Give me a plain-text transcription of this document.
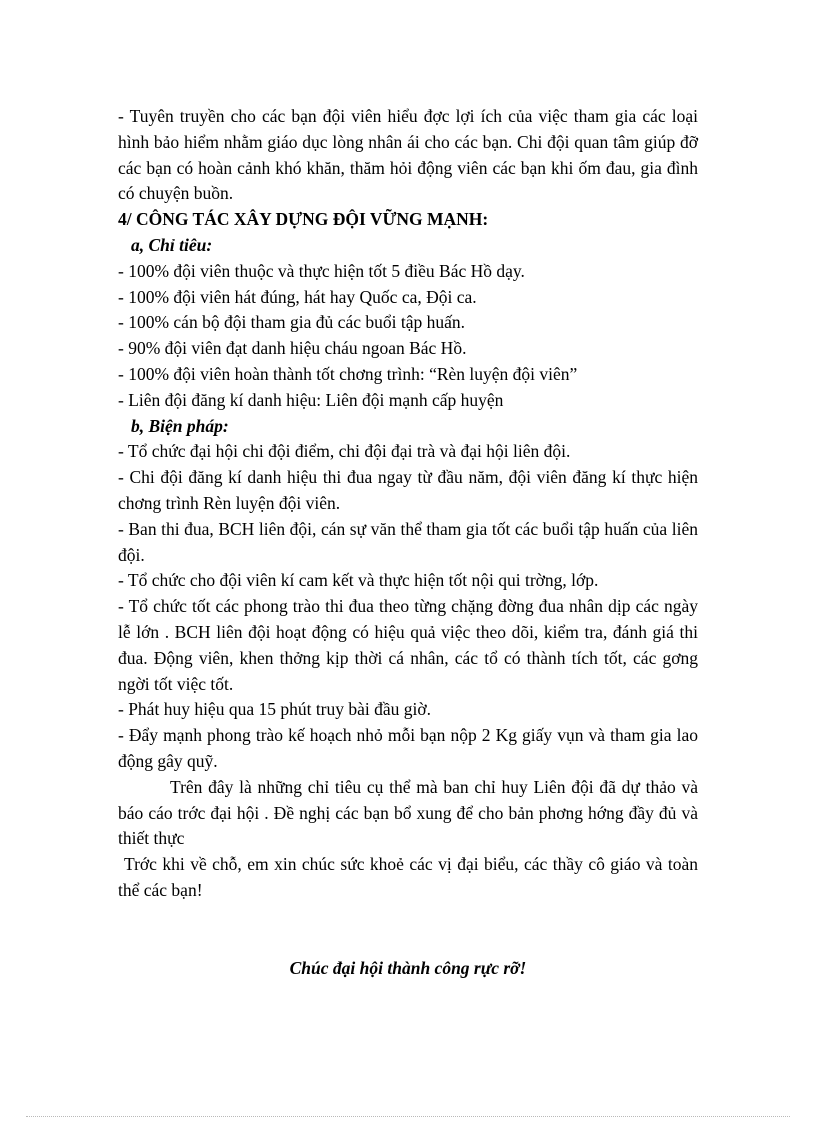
- Tuyên truyền cho các bạn đội viên hiểu đợc lợi ích của việc tham gia các loại hình bảo hiểm nhằm giáo dục lòng nhân ái cho các bạn. Chi đội quan tâm giúp đỡ các bạn có hoàn cảnh khó khăn, thăm hỏi động viên các bạn khi ốm đau, gia đình có chuyện buồn.

4/ CÔNG TÁC XÂY DỰNG ĐỘI VỮNG MẠNH:

a, Chỉ tiêu:

- 100% đội viên thuộc và thực hiện tốt 5 điều Bác Hồ dạy.

- 100% đội viên hát đúng, hát hay Quốc ca, Đội ca.

- 100% cán bộ đội tham gia đủ các buổi tập huấn.

- 90% đội viên đạt danh hiệu cháu ngoan Bác Hồ.

- 100% đội viên hoàn thành tốt chơng trình: “Rèn luyện đội viên”

- Liên đội đăng kí danh hiệu: Liên đội mạnh cấp huyện

b, Biện pháp:

- Tổ chức đại hội chi đội điểm, chi đội đại trà và đại hội liên đội.

- Chi đội đăng kí danh hiệu thi đua ngay từ đầu năm, đội viên đăng kí thực hiện chơng trình Rèn luyện đội viên.

- Ban thi đua, BCH liên đội, cán sự văn thể tham gia tốt các buổi tập huấn của liên đội.

- Tổ chức cho đội viên kí cam kết và thực hiện tốt nội qui trờng, lớp.

- Tổ chức tốt các phong trào thi đua theo từng chặng đờng đua nhân dịp các ngày lễ lớn . BCH liên đội hoạt động có hiệu quả việc theo dõi, kiểm tra, đánh giá thi đua. Động viên, khen thởng kịp thời cá nhân, các tổ có thành tích tốt, các gơng ngời tốt việc tốt.

- Phát huy hiệu qua 15 phút truy bài đầu giờ.

- Đẩy mạnh phong trào kế hoạch nhỏ mỗi bạn nộp 2 Kg giấy vụn và tham gia lao động gây quỹ.

Trên đây là những chỉ tiêu cụ thể mà ban chỉ huy Liên đội đã dự thảo và báo cáo trớc đại hội . Đề nghị các bạn bổ xung để cho bản phơng hớng đầy đủ và thiết thực

Trớc khi về chỗ, em xin chúc sức khoẻ các vị đại biểu, các thầy cô giáo và toàn thể các bạn!

Chúc đại hội thành công rực rỡ!
